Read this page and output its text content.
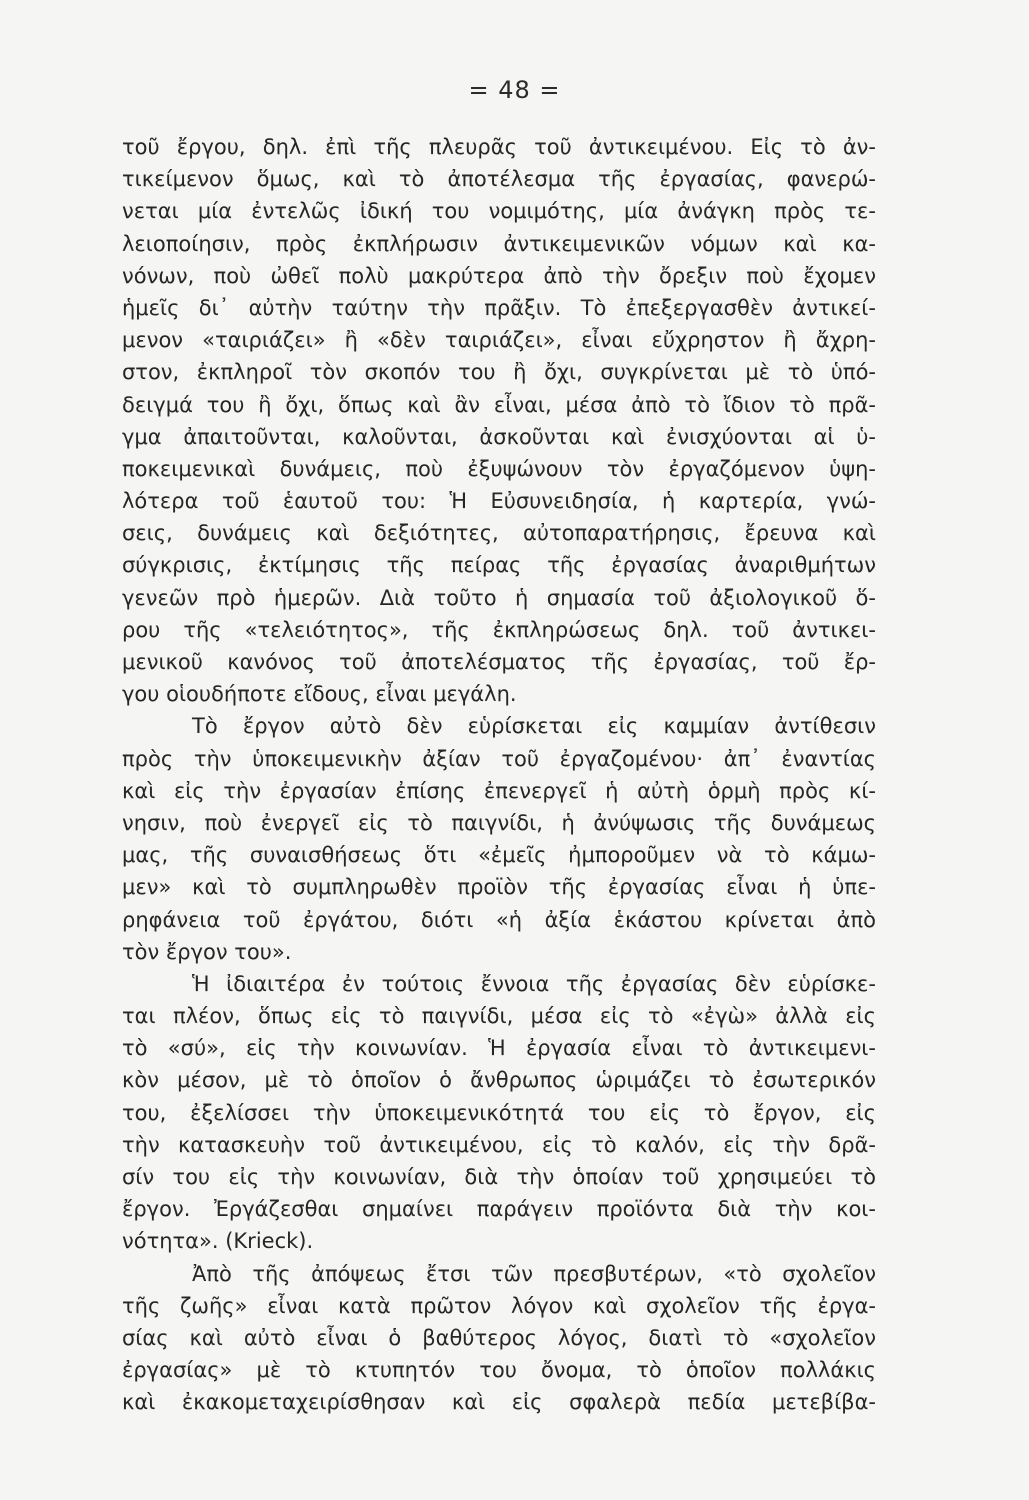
= 48 =
τοῦ ἔργου, δηλ. ἐπὶ τῆς πλευρᾶς τοῦ ἀντικειμένου. Εἰς τὸ ἀν-
τικείμενον ὅμως, καὶ τὸ ἀποτέλεσμα τῆς ἐργασίας, φανερώ-
νεται μία ἐντελῶς ἰδική του νομιμότης, μία ἀνάγκη πρὸς τε-
λειοποίησιν, πρὸς ἐκπλήρωσιν ἀντικειμενικῶν νόμων καὶ κα-
νόνων, ποὺ ὠθεῖ πολὺ μακρύτερα ἀπὸ τὴν ὄρεξιν ποὺ ἔχομεν
ἡμεῖς δι᾿ αὐτὴν ταύτην τὴν πρᾶξιν. Τὸ ἐπεξεργασθὲν ἀντικεί-
μενον «ταιριάζει» ἢ «δὲν ταιριάζει», εἶναι εὔχρηστον ἢ ἄχρη-
στον, ἐκπληροῖ τὸν σκοπόν του ἢ ὄχι, συγκρίνεται μὲ τὸ ὑπό-
δειγμά του ἢ ὄχι, ὅπως καὶ ἂν εἶναι, μέσα ἀπὸ τὸ ἴδιον τὸ πρᾶ-
γμα ἀπαιτοῦνται, καλοῦνται, ἀσκοῦνται καὶ ἐνισχύονται αἱ ὑ-
ποκειμενικαὶ δυνάμεις, ποὺ ἐξυψώνουν τὸν ἐργαζόμενον ὑψη-
λότερα τοῦ ἑαυτοῦ του: Ἡ Εὐσυνειδησία, ἡ καρτερία, γνώ-
σεις, δυνάμεις καὶ δεξιότητες, αὐτοπαρατήρησις, ἔρευνα καὶ
σύγκρισις, ἐκτίμησις τῆς πείρας τῆς ἐργασίας ἀναριθμήτων
γενεῶν πρὸ ἡμερῶν. Διὰ τοῦτο ἡ σημασία τοῦ ἀξιολογικοῦ ὅ-
ρου τῆς «τελειότητος», τῆς ἐκπληρώσεως δηλ. τοῦ ἀντικει-
μενικοῦ κανόνος τοῦ ἀποτελέσματος τῆς ἐργασίας, τοῦ ἔρ-
γου οἱουδήποτε εἴδους, εἶναι μεγάλη.
Τὸ ἔργον αὐτὸ δὲν εὑρίσκεται εἰς καμμίαν ἀντίθεσιν
πρὸς τὴν ὑποκειμενικὴν ἀξίαν τοῦ ἐργαζομένου· ἀπ᾿ ἐναντίας
καὶ εἰς τὴν ἐργασίαν ἐπίσης ἐπενεργεῖ ἡ αὐτὴ ὁρμὴ πρὸς κί-
νησιν, ποὺ ἐνεργεῖ εἰς τὸ παιγνίδι, ἡ ἀνύψωσις τῆς δυνάμεως
μας, τῆς συναισθήσεως ὅτι «ἐμεῖς ἠμποροῦμεν νὰ τὸ κάμω-
μεν» καὶ τὸ συμπληρωθὲν προϊὸν τῆς ἐργασίας εἶναι ἡ ὑπε-
ρηφάνεια τοῦ ἐργάτου, διότι «ἡ ἀξία ἑκάστου κρίνεται ἀπὸ
τὸν ἔργον του».
Ἡ ἰδιαιτέρα ἐν τούτοις ἔννοια τῆς ἐργασίας δὲν εὑρίσκε-
ται πλέον, ὅπως εἰς τὸ παιγνίδι, μέσα εἰς τὸ «ἐγὼ» ἀλλὰ εἰς
τὸ «σύ», εἰς τὴν κοινωνίαν. Ἡ ἐργασία εἶναι τὸ ἀντικειμενι-
κὸν μέσον, μὲ τὸ ὁποῖον ὁ ἄνθρωπος ὡριμάζει τὸ ἐσωτερικόν
του, ἐξελίσσει τὴν ὑποκειμενικότητά του εἰς τὸ ἔργον, εἰς
τὴν κατασκευὴν τοῦ ἀντικειμένου, εἰς τὸ καλόν, εἰς τὴν δρᾶ-
σίν του εἰς τὴν κοινωνίαν, διὰ τὴν ὁποίαν τοῦ χρησιμεύει τὸ
ἔργον. Ἐργάζεσθαι σημαίνει παράγειν προϊόντα διὰ τὴν κοι-
νότητα». (Krieck).
Ἀπὸ τῆς ἀπόψεως ἔτσι τῶν πρεσβυτέρων, «τὸ σχολεῖον
τῆς ζωῆς» εἶναι κατὰ πρῶτον λόγον καὶ σχολεῖον τῆς ἐργα-
σίας καὶ αὐτὸ εἶναι ὁ βαθύτερος λόγος, διατὶ τὸ «σχολεῖον
ἐργασίας» μὲ τὸ κτυπητόν του ὄνομα, τὸ ὁποῖον πολλάκις
καὶ ἐκακομεταχειρίσθησαν καὶ εἰς σφαλερὰ πεδία μετεβίβα-
